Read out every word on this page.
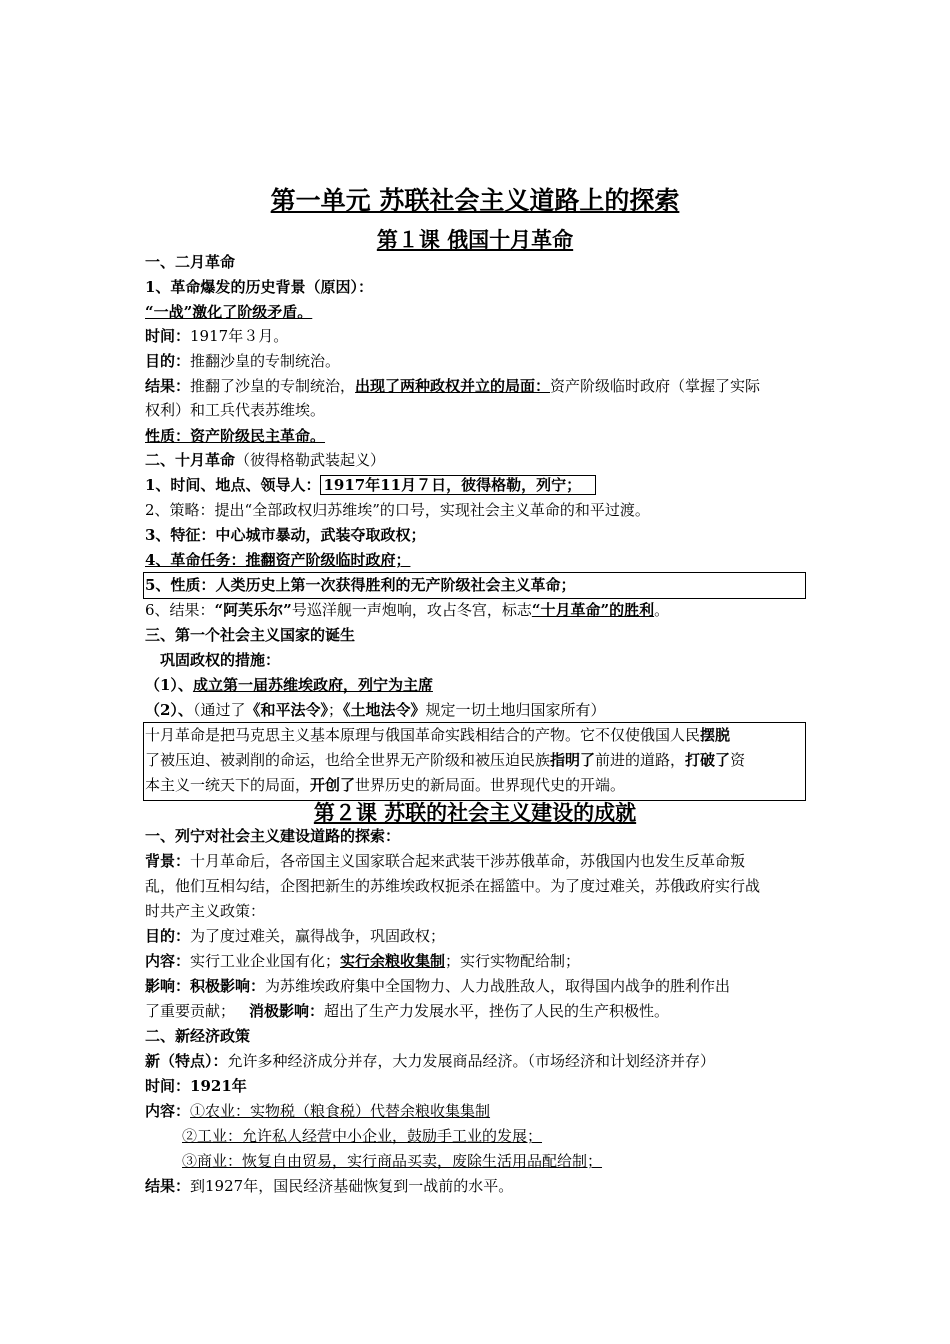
第一单元 苏联社会主义道路上的探索
第１课 俄国十月革命
一、二月革命
1、革命爆发的历史背景（原因）：
“一战”激化了阶级矛盾。
时间：1917年３月。
目的：推翻沙皇的专制统治。
结果：推翻了沙皇的专制统治，出现了两种政权并立的局面：资产阶级临时政府（掌握了实际
权利）和工兵代表苏维埃。
性质：资产阶级民主革命。
二、十月革命（彼得格勒武装起义）
1、时间、地点、领导人： 1917年11月７日，彼得格勒，列宁；
2、策略：提出“全部政权归苏维埃”的口号，实现社会主义革命的和平过渡。
3、特征：中心城市暴动，武装夺取政权；
4、革命任务：推翻资产阶级临时政府；
5、性质：人类历史上第一次获得胜利的无产阶级社会主义革命；
6、结果：“阿芙乐尔”号巡洋舰一声炮响，攻占冬宫，标志“十月革命”的胜利。
三、第一个社会主义国家的诞生
巩固政权的措施：
（1）、成立第一届苏维埃政府，列宁为主席
（2）、（通过了《和平法令》；《土地法令》规定一切土地归国家所有）
十月革命是把马克思主义基本原理与俄国革命实践相结合的产物。它不仅使俄国人民摆脱
了被压迫、被剥削的命运，也给全世界无产阶级和被压迫民族指明了前进的道路，打破了资
本主义一统天下的局面，开创了世界历史的新局面。世界现代史的开端。
第２课 苏联的社会主义建设的成就
一、列宁对社会主义建设道路的探索：
背景：十月革命后，各帝国主义国家联合起来武装干涉苏俄革命，苏俄国内也发生反革命叛
乱，他们互相勾结，企图把新生的苏维埃政权扼杀在摇篮中。为了度过难关，苏俄政府实行战
时共产主义政策：
目的：为了度过难关，赢得战争，巩固政权；
内容：实行工业企业国有化；实行余粮收集制；实行实物配给制；
影响：积极影响：为苏维埃政府集中全国物力、人力战胜敌人，取得国内战争的胜利作出
了重要贡献； 消极影响：超出了生产力发展水平，挫伤了人民的生产积极性。
二、新经济政策
新（特点）：允许多种经济成分并存，大力发展商品经济。（市场经济和计划经济并存）
时间：1921年
内容：①农业：实物税（粮食税）代替余粮收集集制
②工业：允许私人经营中小企业，鼓励手工业的发展；
③商业：恢复自由贸易，实行商品买卖，废除生活用品配给制；
结果：到1927年，国民经济基础恢复到一战前的水平。
